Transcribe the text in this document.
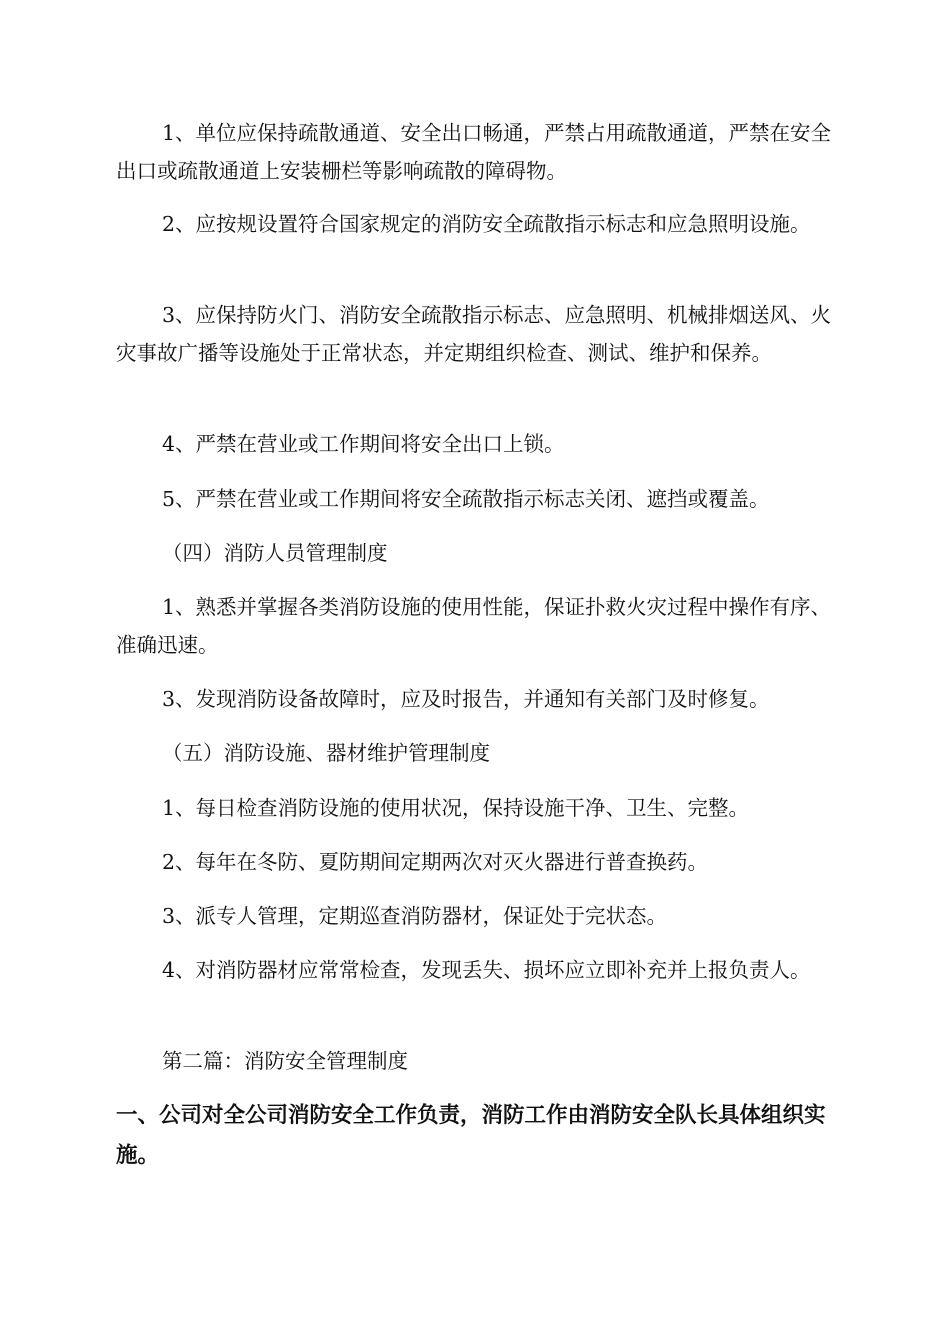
1、单位应保持疏散通道、安全出口畅通，严禁占用疏散通道，严禁在安全出口或疏散通道上安装栅栏等影响疏散的障碍物。

2、应按规设置符合国家规定的消防安全疏散指示标志和应急照明设施。

3、应保持防火门、消防安全疏散指示标志、应急照明、机械排烟送风、火灾事故广播等设施处于正常状态，并定期组织检查、测试、维护和保养。

4、严禁在营业或工作期间将安全出口上锁。

5、严禁在营业或工作期间将安全疏散指示标志关闭、遮挡或覆盖。

（四）消防人员管理制度

1、熟悉并掌握各类消防设施的使用性能，保证扑救火灾过程中操作有序、准确迅速。

3、发现消防设备故障时，应及时报告，并通知有关部门及时修复。

（五）消防设施、器材维护管理制度

1、每日检查消防设施的使用状况，保持设施干净、卫生、完整。

2、每年在冬防、夏防期间定期两次对灭火器进行普查换药。

3、派专人管理，定期巡查消防器材，保证处于完状态。

4、对消防器材应常常检查，发现丢失、损坏应立即补充并上报负责人。

第二篇：消防安全管理制度

一、公司对全公司消防安全工作负责，消防工作由消防安全队长具体组织实施。
